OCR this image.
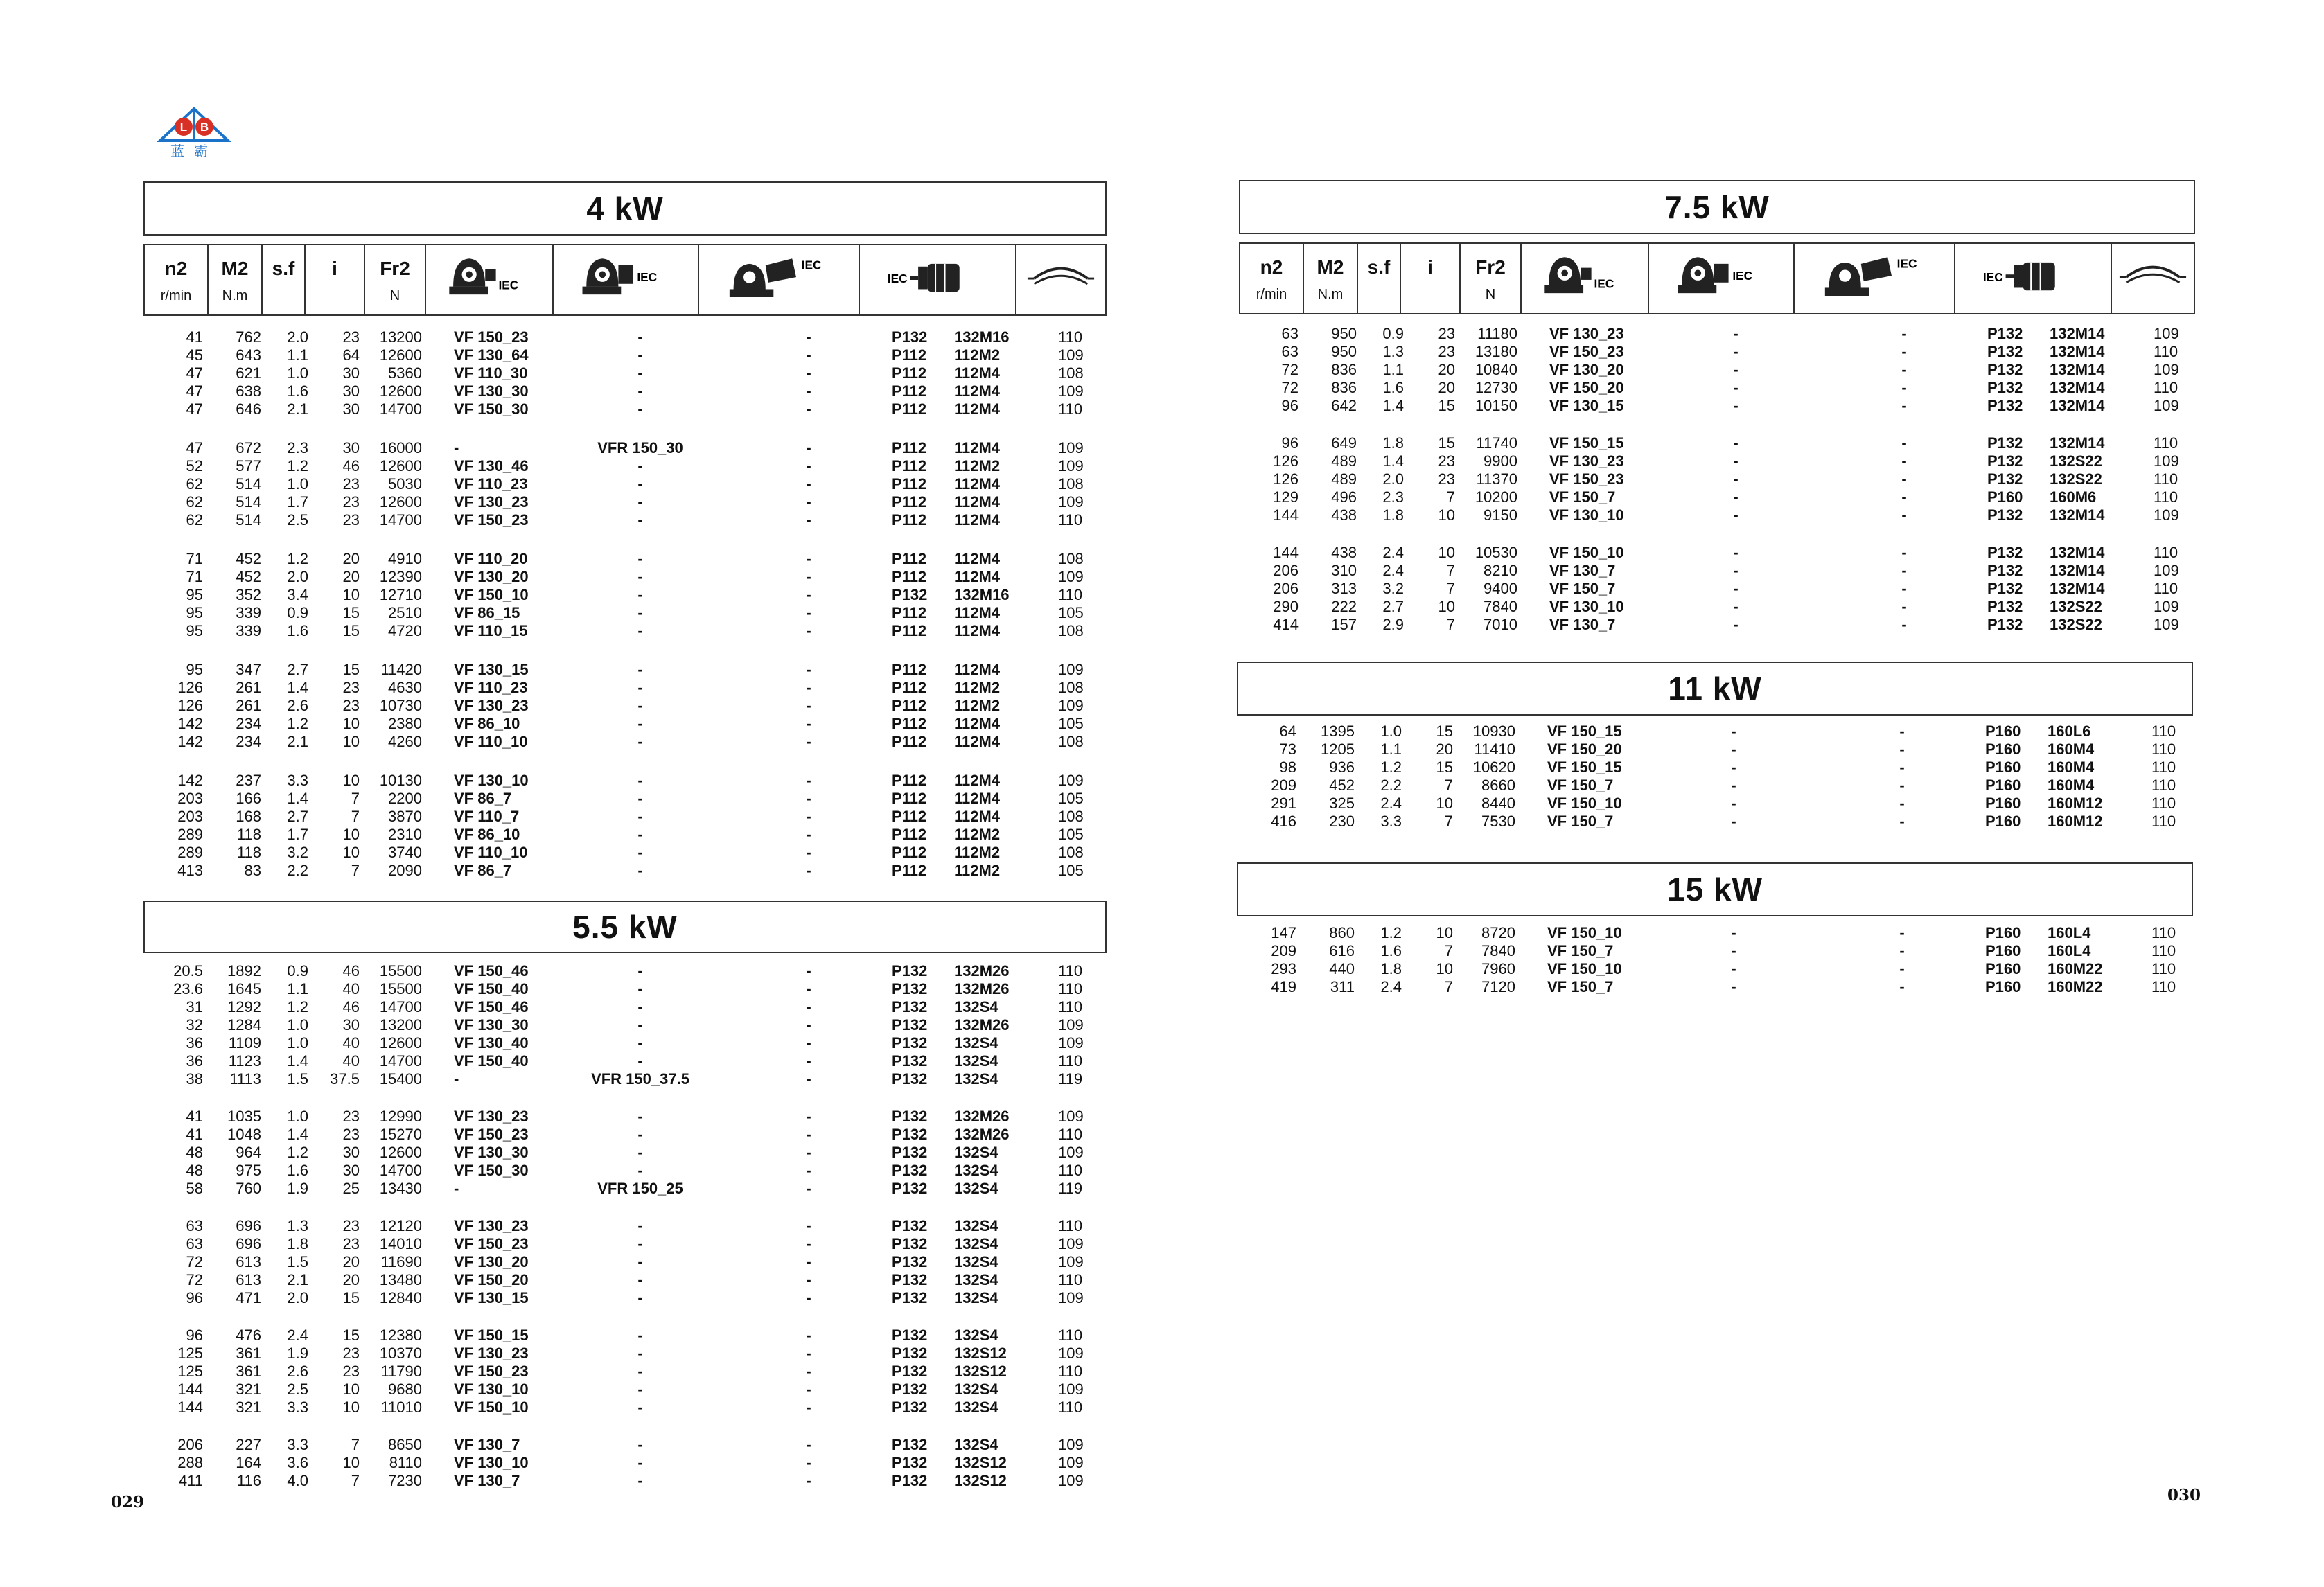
L B
蓝霸
029	030
4 kW
n2
r/min
M2
N.m
s.f	i	Fr2
N
IEC
IEC
IEC
IEC
41	762	2.0	23	13200 VF 150_23	-	-	P132	132M16	110
45	643	1.1	64	12600 VF 130_64	-	-	P112	112M2	109
47	621	1.0	30	5360 VF 110_30	-	-	P112	112M4	108
47	638	1.6	30	12600 VF 130_30	-	-	P112	112M4	109
47	646	2.1	30	14700 VF 150_30	-	-	P112	112M4	110
47	672	2.3	30	16000 -	VFR 150_30	-	P112	112M4	109
52	577	1.2	46	12600 VF 130_46	-	-	P112	112M2	109
62	514	1.0	23	5030 VF 110_23	-	-	P112	112M4	108
62	514	1.7	23	12600 VF 130_23	-	-	P112	112M4	109
62	514	2.5	23	14700 VF 150_23	-	-	P112	112M4	110
71	452	1.2	20	4910 VF 110_20	-	-	P112	112M4	108
71	452	2.0	20	12390 VF 130_20	-	-	P112	112M4	109
95	352	3.4	10	12710 VF 150_10	-	-	P132	132M16	110
95	339	0.9	15	2510 VF 86_15	-	-	P112	112M4	105
95	339	1.6	15	4720 VF 110_15	-	-	P112	112M4	108
95	347	2.7	15	11420 VF 130_15	-	-	P112	112M4	109
126	261	1.4	23	4630 VF 110_23	-	-	P112	112M2	108
126	261	2.6	23	10730 VF 130_23	-	-	P112	112M2	109
142	234	1.2	10	2380 VF 86_10	-	-	P112	112M4	105
142	234	2.1	10	4260 VF 110_10	-	-	P112	112M4	108
142	237	3.3	10	10130 VF 130_10	-	-	P112	112M4	109
203	166	1.4	7	2200 VF 86_7	-	-	P112	112M4	105
203	168	2.7	7	3870 VF 110_7	-	-	P112	112M4	108
289	118	1.7	10	2310 VF 86_10	-	-	P112	112M2	105
289	118	3.2	10	3740 VF 110_10	-	-	P112	112M2	108
413	83	2.2	7	2090 VF 86_7	-	-	P112	112M2	105
5.5 kW
20.5	1892	0.9	46	15500 VF 150_46	-	-	P132	132M26	110
23.6	1645	1.1	40	15500 VF 150_40	-	-	P132	132M26	110
31	1292	1.2	46	14700 VF 150_46	-	-	P132	132S4	110
32	1284	1.0	30	13200 VF 130_30	-	-	P132	132M26	109
36	1109	1.0	40	12600 VF 130_40	-	-	P132	132S4	109
36	1123	1.4	40	14700 VF 150_40	-	-	P132	132S4	110
38	1113	1.5	37.5	15400 -	VFR 150_37.5	-	P132	132S4	119
41	1035	1.0	23	12990 VF 130_23	-	-	P132	132M26	109
41	1048	1.4	23	15270 VF 150_23	-	-	P132	132M26	110
48	964	1.2	30	12600 VF 130_30	-	-	P132	132S4	109
48	975	1.6	30	14700 VF 150_30	-	-	P132	132S4	110
58	760	1.9	25	13430 -	VFR 150_25	-	P132	132S4	119
63	696	1.3	23	12120 VF 130_23	-	-	P132	132S4	110
63	696	1.8	23	14010 VF 150_23	-	-	P132	132S4	109
72	613	1.5	20	11690 VF 130_20	-	-	P132	132S4	109
72	613	2.1	20	13480 VF 150_20	-	-	P132	132S4	110
96	471	2.0	15	12840 VF 130_15	-	-	P132	132S4	109
96	476	2.4	15	12380 VF 150_15	-	-	P132	132S4	110
125	361	1.9	23	10370 VF 130_23	-	-	P132	132S12	109
125	361	2.6	23	11790 VF 150_23	-	-	P132	132S12	110
144	321	2.5	10	9680 VF 130_10	-	-	P132	132S4	109
144	321	3.3	10	11010 VF 150_10	-	-	P132	132S4	110
206	227	3.3	7	8650 VF 130_7	-	-	P132	132S4	109
288	164	3.6	10	8110 VF 130_10	-	-	P132	132S12	109
411	116	4.0	7	7230 VF 130_7	-	-	P132	132S12	109
7.5 kW
n2
r/min
M2
N.m
s.f	i	Fr2
N
IEC
IEC
IEC
IEC
63	950	0.9	23	11180 VF 130_23	-	-	P132	132M14	109
63	950	1.3	23	13180 VF 150_23	-	-	P132	132M14	110
72	836	1.1	20	10840 VF 130_20	-	-	P132	132M14	109
72	836	1.6	20	12730 VF 150_20	-	-	P132	132M14	110
96	642	1.4	15	10150 VF 130_15	-	-	P132	132M14	109
96	649	1.8	15	11740 VF 150_15	-	-	P132	132M14	110
126	489	1.4	23	9900 VF 130_23	-	-	P132	132S22	109
126	489	2.0	23	11370 VF 150_23	-	-	P132	132S22	110
129	496	2.3	7	10200 VF 150_7	-	-	P160	160M6	110
144	438	1.8	10	9150 VF 130_10	-	-	P132	132M14	109
144	438	2.4	10	10530 VF 150_10	-	-	P132	132M14	110
206	310	2.4	7	8210 VF 130_7	-	-	P132	132M14	109
206	313	3.2	7	9400 VF 150_7	-	-	P132	132M14	110
290	222	2.7	10	7840 VF 130_10	-	-	P132	132S22	109
414	157	2.9	7	7010 VF 130_7	-	-	P132	132S22	109
11 kW
64	1395	1.0	15	10930 VF 150_15	-	-	P160	160L6	110
73	1205	1.1	20	11410 VF 150_20	-	-	P160	160M4	110
98	936	1.2	15	10620 VF 150_15	-	-	P160	160M4	110
209	452	2.2	7	8660 VF 150_7	-	-	P160	160M4	110
291	325	2.4	10	8440 VF 150_10	-	-	P160	160M12	110
416	230	3.3	7	7530 VF 150_7	-	-	P160	160M12	110
15 kW
147	860	1.2	10	8720 VF 150_10	-	-	P160	160L4	110
209	616	1.6	7	7840 VF 150_7	-	-	P160	160L4	110
293	440	1.8	10	7960 VF 150_10	-	-	P160	160M22	110
419	311	2.4	7	7120 VF 150_7	-	-	P160	160M22	110
